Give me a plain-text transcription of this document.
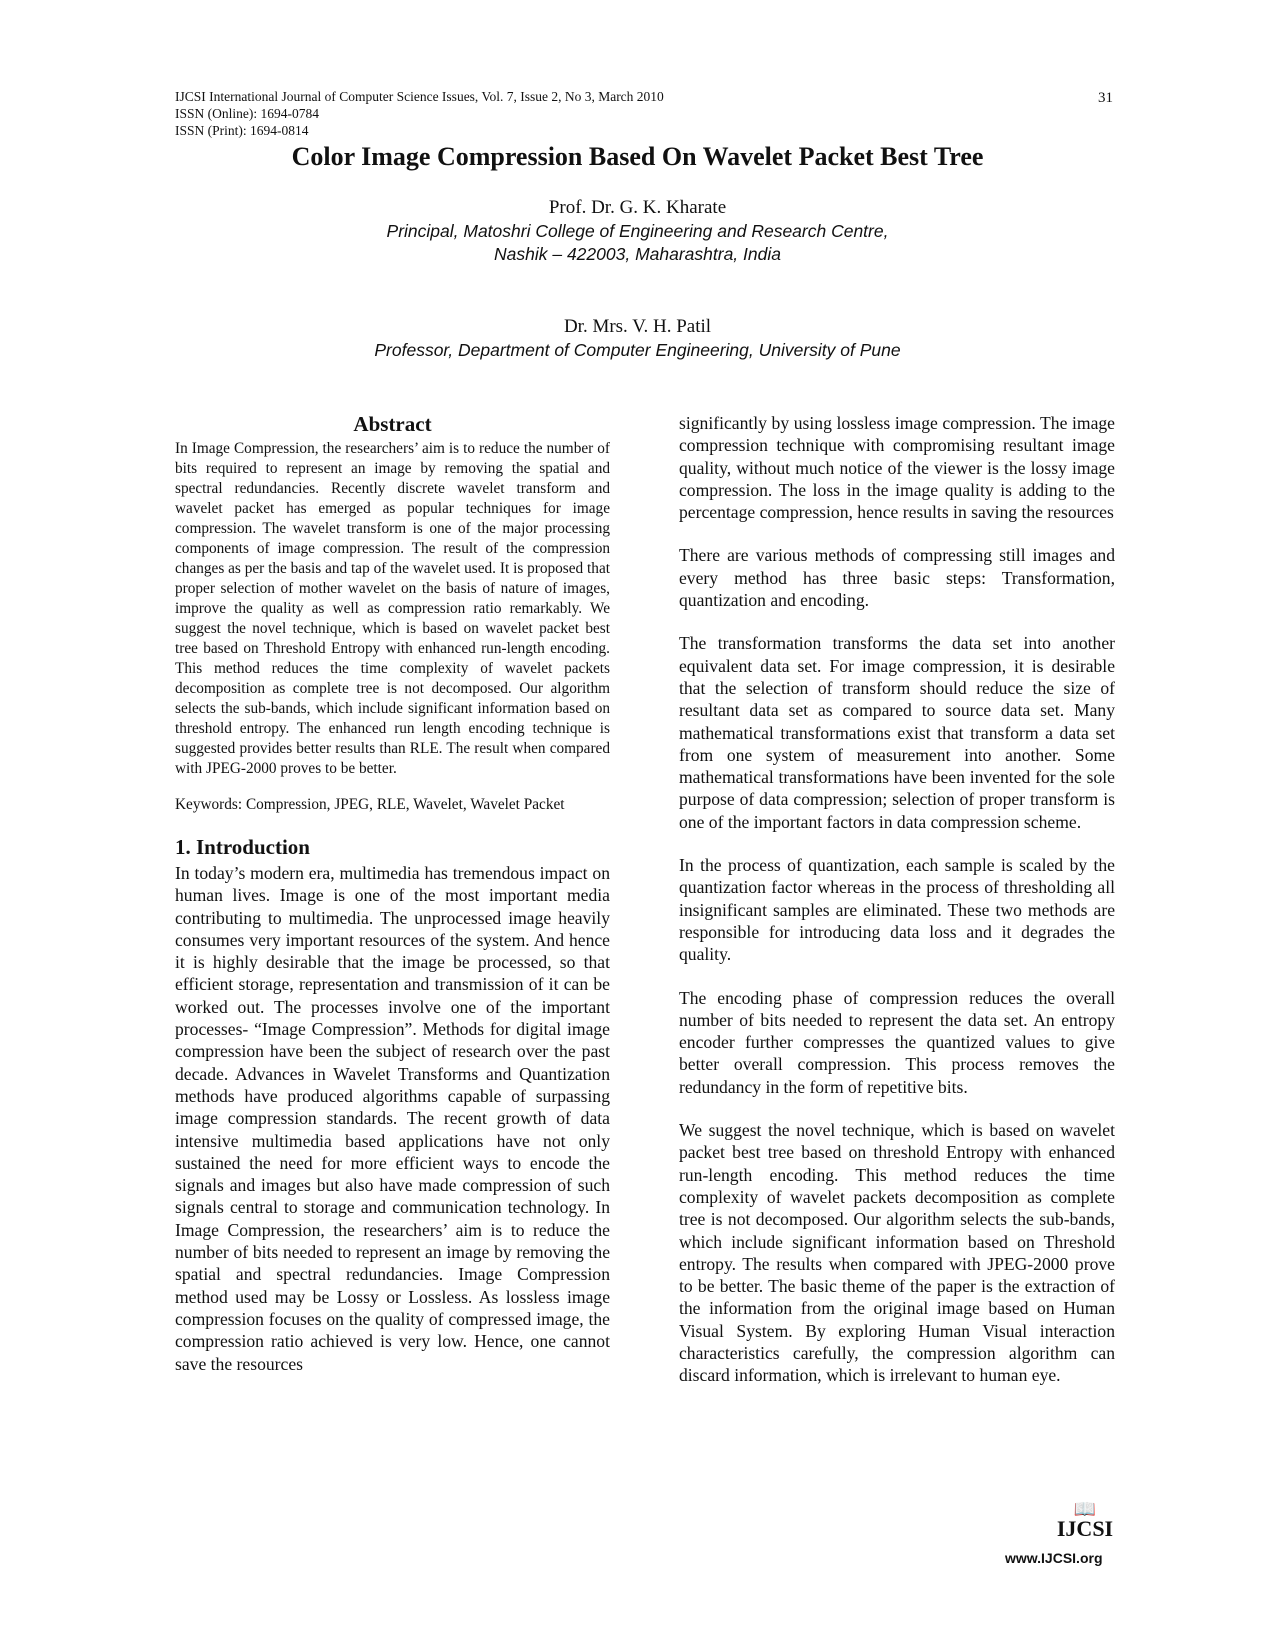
IJCSI International Journal of Computer Science Issues, Vol. 7, Issue 2, No 3, March 2010
ISSN (Online): 1694-0784
ISSN (Print): 1694-0814
31
Color Image Compression Based On Wavelet Packet Best Tree
Prof. Dr. G. K. Kharate
Principal, Matoshri College of Engineering and Research Centre,
Nashik – 422003, Maharashtra, India
Dr. Mrs. V. H. Patil
Professor, Department of Computer Engineering, University of Pune
Abstract

In Image Compression, the researchers’ aim is to reduce the number of bits required to represent an image by removing the spatial and spectral redundancies. Recently discrete wavelet transform and wavelet packet has emerged as popular techniques for image compression. The wavelet transform is one of the major processing components of image compression. The result of the compression changes as per the basis and tap of the wavelet used. It is proposed that proper selection of mother wavelet on the basis of nature of images, improve the quality as well as compression ratio remarkably. We suggest the novel technique, which is based on wavelet packet best tree based on Threshold Entropy with enhanced run-length encoding. This method reduces the time complexity of wavelet packets decomposition as complete tree is not decomposed. Our algorithm selects the sub-bands, which include significant information based on threshold entropy. The enhanced run length encoding technique is suggested provides better results than RLE. The result when compared with JPEG-2000 proves to be better.

Keywords: Compression, JPEG, RLE, Wavelet, Wavelet Packet

1. Introduction

In today’s modern era, multimedia has tremendous impact on human lives. Image is one of the most important media contributing to multimedia. The unprocessed image heavily consumes very important resources of the system. And hence it is highly desirable that the image be processed, so that efficient storage, representation and transmission of it can be worked out. The processes involve one of the important processes- “Image Compression”. Methods for digital image compression have been the subject of research over the past decade. Advances in Wavelet Transforms and Quantization methods have produced algorithms capable of surpassing image compression standards. The recent growth of data intensive multimedia based applications have not only sustained the need for more efficient ways to encode the signals and images but also have made compression of such signals central to storage and communication technology. In Image Compression, the researchers’ aim is to reduce the number of bits needed to represent an image by removing the spatial and spectral redundancies. Image Compression method used may be Lossy or Lossless. As lossless image compression focuses on the quality of compressed image, the compression ratio achieved is very low. Hence, one cannot save the resources

significantly by using lossless image compression. The image compression technique with compromising resultant image quality, without much notice of the viewer is the lossy image compression. The loss in the image quality is adding to the percentage compression, hence results in saving the resources

There are various methods of compressing still images and every method has three basic steps: Transformation, quantization and encoding.

The transformation transforms the data set into another equivalent data set. For image compression, it is desirable that the selection of transform should reduce the size of resultant data set as compared to source data set. Many mathematical transformations exist that transform a data set from one system of measurement into another. Some mathematical transformations have been invented for the sole purpose of data compression; selection of proper transform is one of the important factors in data compression scheme.

In the process of quantization, each sample is scaled by the quantization factor whereas in the process of thresholding all insignificant samples are eliminated. These two methods are responsible for introducing data loss and it degrades the quality.

The encoding phase of compression reduces the overall number of bits needed to represent the data set. An entropy encoder further compresses the quantized values to give better overall compression. This process removes the redundancy in the form of repetitive bits.

We suggest the novel technique, which is based on wavelet packet best tree based on threshold Entropy with enhanced run-length encoding. This method reduces the time complexity of wavelet packets decomposition as complete tree is not decomposed. Our algorithm selects the sub-bands, which include significant information based on Threshold entropy. The results when compared with JPEG-2000 prove to be better. The basic theme of the paper is the extraction of the information from the original image based on Human Visual System. By exploring Human Visual interaction characteristics carefully, the compression algorithm can discard information, which is irrelevant to human eye.

📖
IJCSI
www.IJCSI.org
